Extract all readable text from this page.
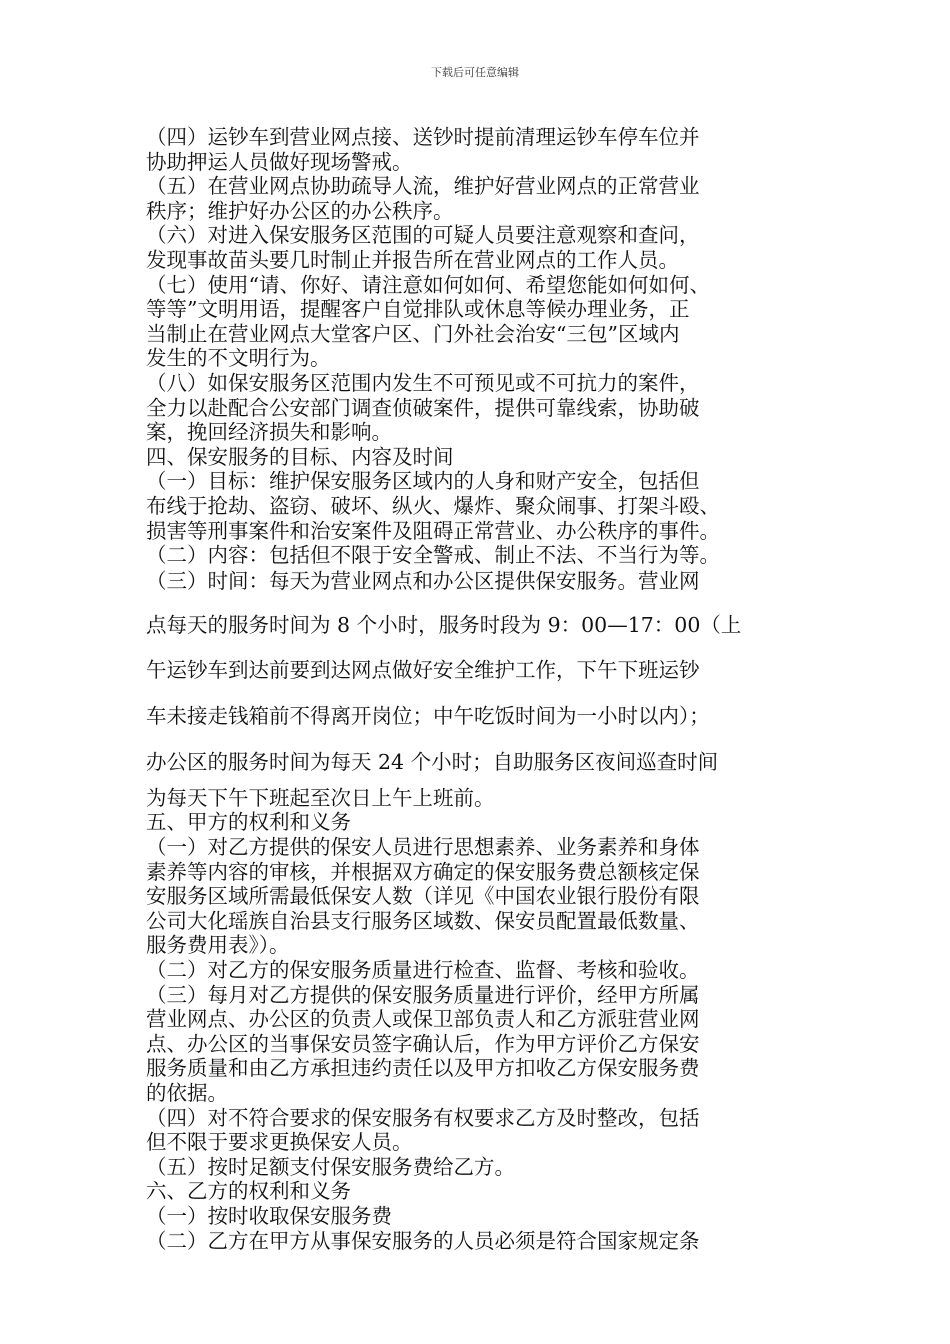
下载后可任意编辑
（四）运钞车到营业网点接、送钞时提前清理运钞车停车位并
协助押运人员做好现场警戒。
（五）在营业网点协助疏导人流，维护好营业网点的正常营业
秩序；维护好办公区的办公秩序。
（六）对进入保安服务区范围的可疑人员要注意观察和查问，
发现事故苗头要几时制止并报告所在营业网点的工作人员。
（七）使用“请、你好、请注意如何如何、希望您能如何如何、
等等”文明用语，提醒客户自觉排队或休息等候办理业务，正
当制止在营业网点大堂客户区、门外社会治安“三包”区域内
发生的不文明行为。
（八）如保安服务区范围内发生不可预见或不可抗力的案件，
全力以赴配合公安部门调查侦破案件，提供可靠线索，协助破
案，挽回经济损失和影响。
四、保安服务的目标、内容及时间
（一）目标：维护保安服务区域内的人身和财产安全，包括但
布线于抢劫、盗窃、破坏、纵火、爆炸、聚众闹事、打架斗殴、
损害等刑事案件和治安案件及阻碍正常营业、办公秩序的事件。
（二）内容：包括但不限于安全警戒、制止不法、不当行为等。
（三）时间：每天为营业网点和办公区提供保安服务。营业网
点每天的服务时间为 8 个小时，服务时段为 9：00—17：00（上
午运钞车到达前要到达网点做好安全维护工作，下午下班运钞
车未接走钱箱前不得离开岗位；中午吃饭时间为一小时以内）；
办公区的服务时间为每天 24 个小时；自助服务区夜间巡查时间
为每天下午下班起至次日上午上班前。
五、甲方的权利和义务
（一）对乙方提供的保安人员进行思想素养、业务素养和身体
素养等内容的审核，并根据双方确定的保安服务费总额核定保
安服务区域所需最低保安人数（详见《中国农业银行股份有限
公司大化瑶族自治县支行服务区域数、保安员配置最低数量、
服务费用表》）。
（二）对乙方的保安服务质量进行检查、监督、考核和验收。
（三）每月对乙方提供的保安服务质量进行评价，经甲方所属
营业网点、办公区的负责人或保卫部负责人和乙方派驻营业网
点、办公区的当事保安员签字确认后，作为甲方评价乙方保安
服务质量和由乙方承担违约责任以及甲方扣收乙方保安服务费
的依据。
（四）对不符合要求的保安服务有权要求乙方及时整改，包括
但不限于要求更换保安人员。
（五）按时足额支付保安服务费给乙方。
六、乙方的权利和义务
（一）按时收取保安服务费
（二）乙方在甲方从事保安服务的人员必须是符合国家规定条
